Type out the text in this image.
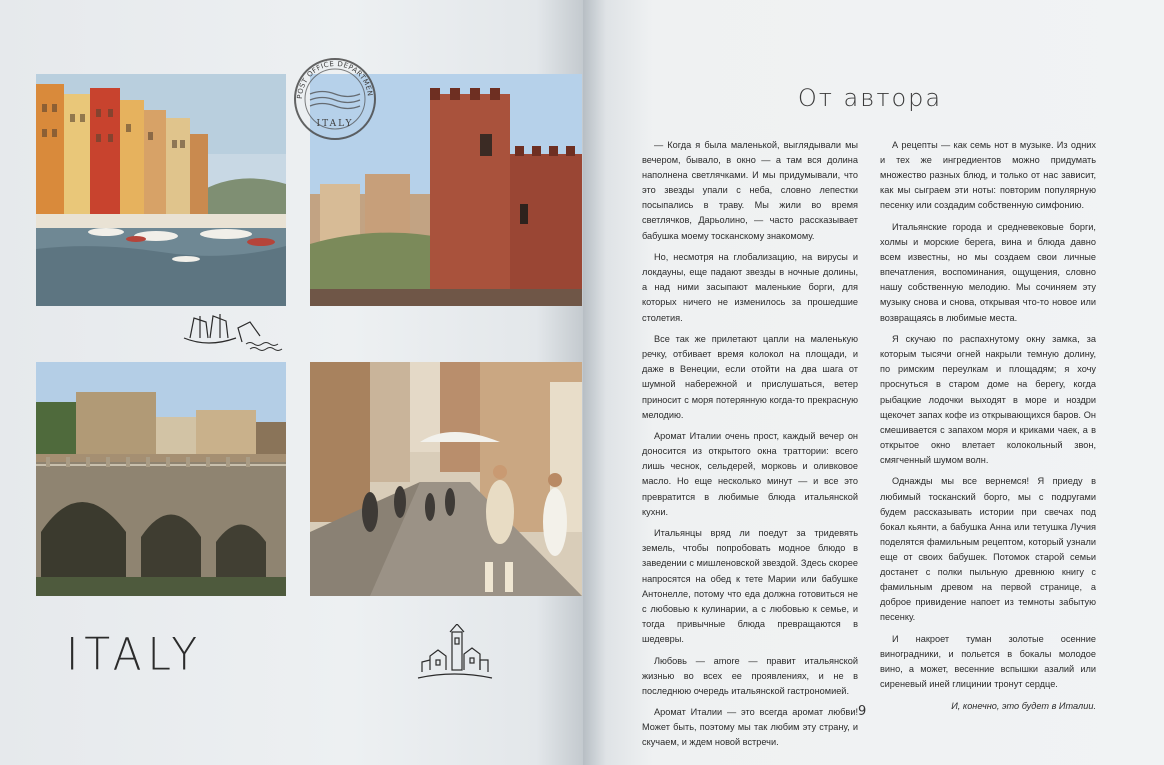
POST OFFICE DEPARTMEN
ITALY
ITALY
От автора

— Когда я была маленькой, выглядывали мы вечером, бывало, в окно — а там вся долина наполнена светлячками. И мы придумывали, что это звезды упали с неба, словно лепестки посыпались в траву. Мы жили во время светлячков, Дарьолино, — часто рассказывает бабушка моему тосканскому знакомому.

Но, несмотря на глобализацию, на вирусы и локдауны, еще падают звезды в ночные долины, а над ними засыпают маленькие борги, для которых ничего не изменилось за прошедшие столетия.

Все так же прилетают цапли на маленькую речку, отбивает время колокол на площади, и даже в Венеции, если отойти на два шага от шумной набережной и прислушаться, ветер приносит с моря потерянную когда-то прекрасную мелодию.

Аромат Италии очень прост, каждый вечер он доносится из открытого окна траттории: всего лишь чеснок, сельдерей, морковь и оливковое масло. Но еще несколько минут — и все это превратится в любимые блюда итальянской кухни.

Итальянцы вряд ли поедут за тридевять земель, чтобы попробовать модное блюдо в заведении с мишленовской звездой. Здесь скорее напросятся на обед к тете Марии или бабушке Антонелле, потому что еда должна готовиться не с любовью к кулинарии, а с любовью к семье, и тогда привычные блюда превращаются в шедевры.

Любовь — amore — правит итальянской жизнью во всех ее проявлениях, и не в последнюю очередь итальянской гастрономией.

Аромат Италии — это всегда аромат любви! Может быть, поэтому мы так любим эту страну, и скучаем, и ждем новой встречи.

А рецепты — как семь нот в музыке. Из одних и тех же ингредиентов можно придумать множество разных блюд, и только от нас зависит, как мы сыграем эти ноты: повторим популярную песенку или создадим собственную симфонию.

Итальянские города и средневековые борги, холмы и морские берега, вина и блюда давно всем известны, но мы создаем свои личные впечатления, воспоминания, ощущения, словно нашу собственную мелодию. Мы сочиняем эту музыку снова и снова, открывая что-то новое или возвращаясь в любимые места.

Я скучаю по распахнутому окну замка, за которым тысячи огней накрыли темную долину, по римским переулкам и площадям; я хочу проснуться в старом доме на берегу, когда рыбацкие лодочки выходят в море и ноздри щекочет запах кофе из открывающихся баров. Он смешивается с запахом моря и криками чаек, а в открытое окно влетает колокольный звон, смягченный шумом волн.

Однажды мы все вернемся! Я приеду в любимый тосканский борго, мы с подругами будем рассказывать истории при свечах под бокал кьянти, а бабушка Анна или тетушка Лучия поделятся фамильным рецептом, который узнали еще от своих бабушек. Потомок старой семьи достанет с полки пыльную древнюю книгу с фамильным древом на первой странице, а доброе привидение напоет из темноты забытую песенку.

И накроет туман золотые осенние виноградники, и польется в бокалы молодое вино, а может, весенние вспышки азалий или сиреневый иней глицинии тронут сердце.

И, конечно, это будет в Италии.

9
